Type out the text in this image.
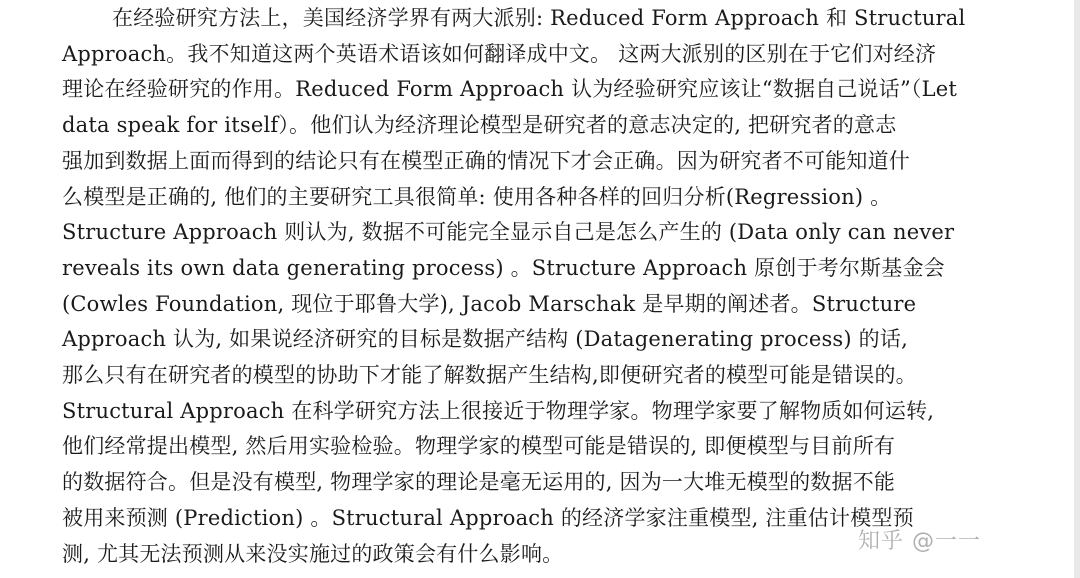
在经验研究方法上，美国经济学界有两大派别: Reduced Form Approach 和 Structural
Approach。我不知道这两个英语术语该如何翻译成中文。 这两大派别的区别在于它们对经济
理论在经验研究的作用。Reduced Form Approach 认为经验研究应该让“数据自己说话”（Let
data speak for itself）。他们认为经济理论模型是研究者的意志决定的, 把研究者的意志
强加到数据上面而得到的结论只有在模型正确的情况下才会正确。因为研究者不可能知道什
么模型是正确的, 他们的主要研究工具很简单: 使用各种各样的回归分析(Regression) 。
Structure Approach 则认为, 数据不可能完全显示自己是怎么产生的 (Data only can never
reveals its own data generating process) 。Structure Approach 原创于考尔斯基金会
(Cowles Foundation, 现位于耶鲁大学), Jacob Marschak 是早期的阐述者。Structure
Approach 认为, 如果说经济研究的目标是数据产结构 (Datagenerating process) 的话,
那么只有在研究者的模型的协助下才能了解数据产生结构,即便研究者的模型可能是错误的。
Structural Approach 在科学研究方法上很接近于物理学家。物理学家要了解物质如何运转,
他们经常提出模型, 然后用实验检验。物理学家的模型可能是错误的, 即便模型与目前所有
的数据符合。但是没有模型, 物理学家的理论是毫无运用的, 因为一大堆无模型的数据不能
被用来预测 (Prediction) 。Structural Approach 的经济学家注重模型, 注重估计模型预
测, 尤其无法预测从来没实施过的政策会有什么影响。	知乎 @一一
